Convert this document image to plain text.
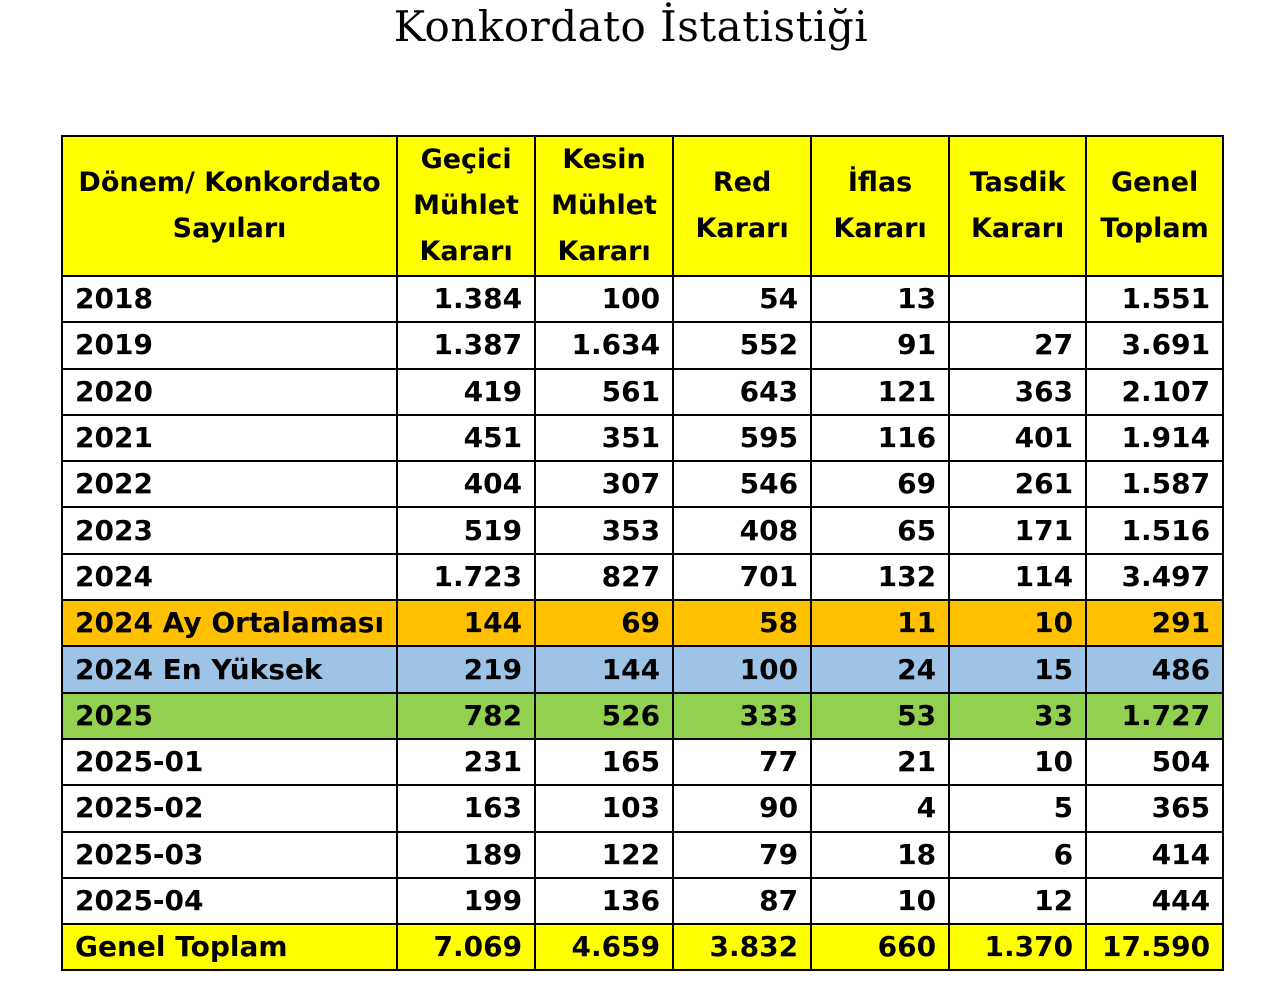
Konkordato İstatistiği
Dönem/ Konkordato Sayıları	Geçici Mühlet Kararı	Kesin Mühlet Kararı	Red Kararı	İflas Kararı	Tasdik Kararı	Genel Toplam
2018	1.384	100	54	13		1.551
2019	1.387	1.634	552	91	27	3.691
2020	419	561	643	121	363	2.107
2021	451	351	595	116	401	1.914
2022	404	307	546	69	261	1.587
2023	519	353	408	65	171	1.516
2024	1.723	827	701	132	114	3.497
2024 Ay Ortalaması	144	69	58	11	10	291
2024 En Yüksek	219	144	100	24	15	486
2025	782	526	333	53	33	1.727
2025-01	231	165	77	21	10	504
2025-02	163	103	90	4	5	365
2025-03	189	122	79	18	6	414
2025-04	199	136	87	10	12	444
Genel Toplam	7.069	4.659	3.832	660	1.370	17.590
